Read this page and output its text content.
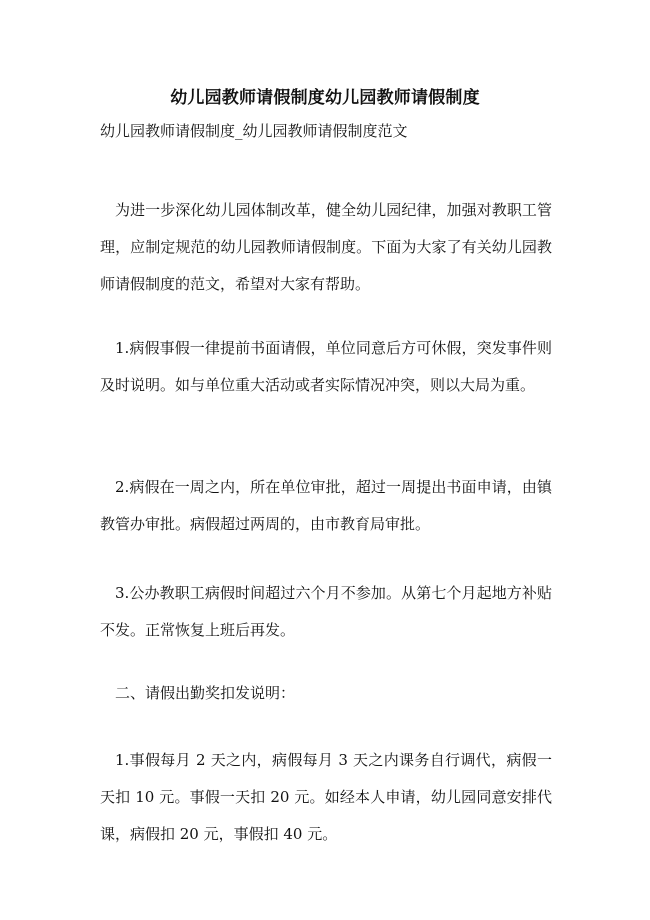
幼儿园教师请假制度幼儿园教师请假制度
幼儿园教师请假制度_幼儿园教师请假制度范文

为进一步深化幼儿园体制改革，健全幼儿园纪律，加强对教职工管理，应制定规范的幼儿园教师请假制度。下面为大家了有关幼儿园教师请假制度的范文，希望对大家有帮助。

1.病假事假一律提前书面请假，单位同意后方可休假，突发事件则及时说明。如与单位重大活动或者实际情况冲突，则以大局为重。

2.病假在一周之内，所在单位审批，超过一周提出书面申请，由镇教管办审批。病假超过两周的，由市教育局审批。

3.公办教职工病假时间超过六个月不参加。从第七个月起地方补贴不发。正常恢复上班后再发。

二、请假出勤奖扣发说明：

1.事假每月 2 天之内，病假每月 3 天之内课务自行调代，病假一天扣 10 元。事假一天扣 20 元。如经本人申请，幼儿园同意安排代课，病假扣 20 元，事假扣 40 元。
